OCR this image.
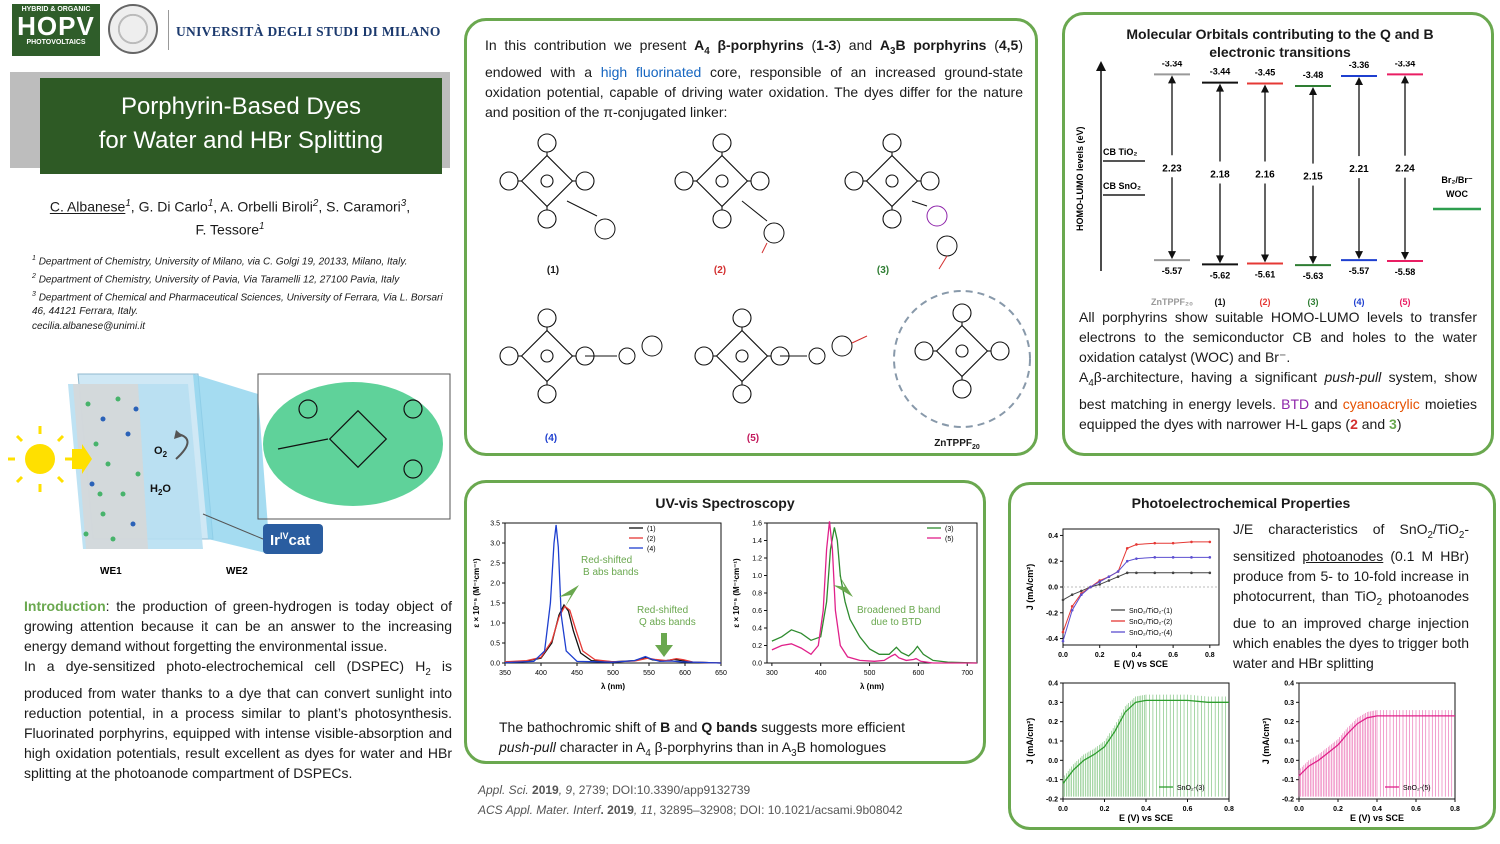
HYBRID & ORGANIC
HOPV
PHOTOVOLTAICS
UNIVERSITÀ DEGLI STUDI DI MILANO
Porphyrin-Based Dyes
for Water and HBr Splitting
C. Albanese$^1$, G. Di Carlo$^1$, A. Orbelli Biroli$^2$, S. Caramori$^3$,
F. Tessore$^1$
$^1$ Department of Chemistry, University of Milano, via C. Golgi 19, 20133, Milano, Italy.
$^2$ Department of Chemistry, University of Pavia, Via Taramelli 12, 27100 Pavia, Italy
$^3$ Department of Chemical and Pharmaceutical Sciences, University of Ferrara, Via L. Borsari 46, 44121 Ferrara, Italy.
cecilia.albanese@unimi.it
$O_2$
$H_2O$
$Ir^{IV}cat$
WE1	WE2
Introduction: the production of green-hydrogen is today object of growing attention because it can be an answer to the increasing energy demand without forgetting the environmental issue.
In a dye-sensitized photo-electrochemical cell (DSPEC) $H_2$ is produced from water thanks to a dye that can convert sunlight into reduction potential, in a process similar to plant’s photosynthesis. Fluorinated porphyrins, equipped with intense visible-absorption and high oxidation potentials, result excellent as dyes for water and HBr splitting at the photoanode compartment of DSPECs.
In this contribution we present $A_4$ β-porphyrins (1-3) and $A_3B$ porphyrins (4,5) endowed with a high fluorinated core, responsible of an increased ground-state oxidation potential, capable of driving water oxidation. The dyes differ for the nature and position of the π-conjugated linker:
(1)	(2)	(3)
(4)	(5)	ZnTPPF$_{20}$
Molecular Orbitals contributing to the Q and B electronic transitions
HOMO-LUMO levels (eV) CB TiO₂
CB SnO₂
Br₂/Br⁻
WOC
-3.34
-5.57
2.23
ZnTPPF₂₀
-3.44
-5.62
2.18
(1)
-3.45
-5.61
2.16
(2)
-3.48
-5.63
2.15
(3)
-3.36
-5.57
2.21
(4)
-3.34
-5.58
2.24
(5)
All porphyrins show suitable HOMO-LUMO levels to transfer electrons to the semiconductor CB and holes to the water oxidation catalyst (WOC) and Br⁻.
$A_4\beta$-architecture, having a significant push-pull system, show best matching in energy levels. BTD and cyanoacrylic moieties equipped the dyes with narrower H-L gaps (2 and 3)
UV-vis Spectroscopy
350	400	450	500	550	600	650
0.0
0.5
1.0
1.5
2.0
2.5
3.0
3.5
λ (nm)
ε × 10⁻⁵ (M⁻¹cm⁻¹)
(1)
(2)
(4)
Red-shifted
B abs bands
Red-shifted
Q abs bands
300	400	500	600	700
0.0
0.2
0.4
0.6
0.8
1.0
1.2
1.4
1.6
λ (nm)
ε × 10⁻⁵ (M⁻¹cm⁻¹)
(3)
(5)
Broadened B band
due to BTD
The bathochromic shift of B and Q bands suggests more efficient
push-pull character in $A_4$ β-porphyrins than in $A_3B$ homologues
Appl. Sci. 2019, 9, 2739; DOI:10.3390/app9132739
ACS Appl. Mater. Interf. 2019, 11, 32895–32908; DOI: 10.1021/acsami.9b08042
Photoelectrochemical Properties
0.0	0.2	0.4	0.6	0.8
-0.4
-0.2
0.0
0.2
0.4
E (V) vs SCE
J (mA/cm²)
SnO₂/TiO₂-(1)
SnO₂/TiO₂-(2)
SnO₂/TiO₂-(4)
J/E characteristics of SnO$_2$/TiO$_2$-sensitized photoanodes (0.1 M HBr) produce from 5- to 10-fold increase in photocurrent, than TiO$_2$ photoanodes due to an improved charge injection which enables the dyes to trigger both water and HBr splitting
0.0	0.2	0.4	0.6	0.8
-0.2
-0.1
0.0
0.1
0.2
0.3
0.4
E (V) vs SCE
J (mA/cm²)
SnO₂-(3)
0.0	0.2	0.4	0.6	0.8
-0.2
-0.1
0.0
0.1
0.2
0.3
0.4
E (V) vs SCE
J (mA/cm²)
SnO₂-(5)
